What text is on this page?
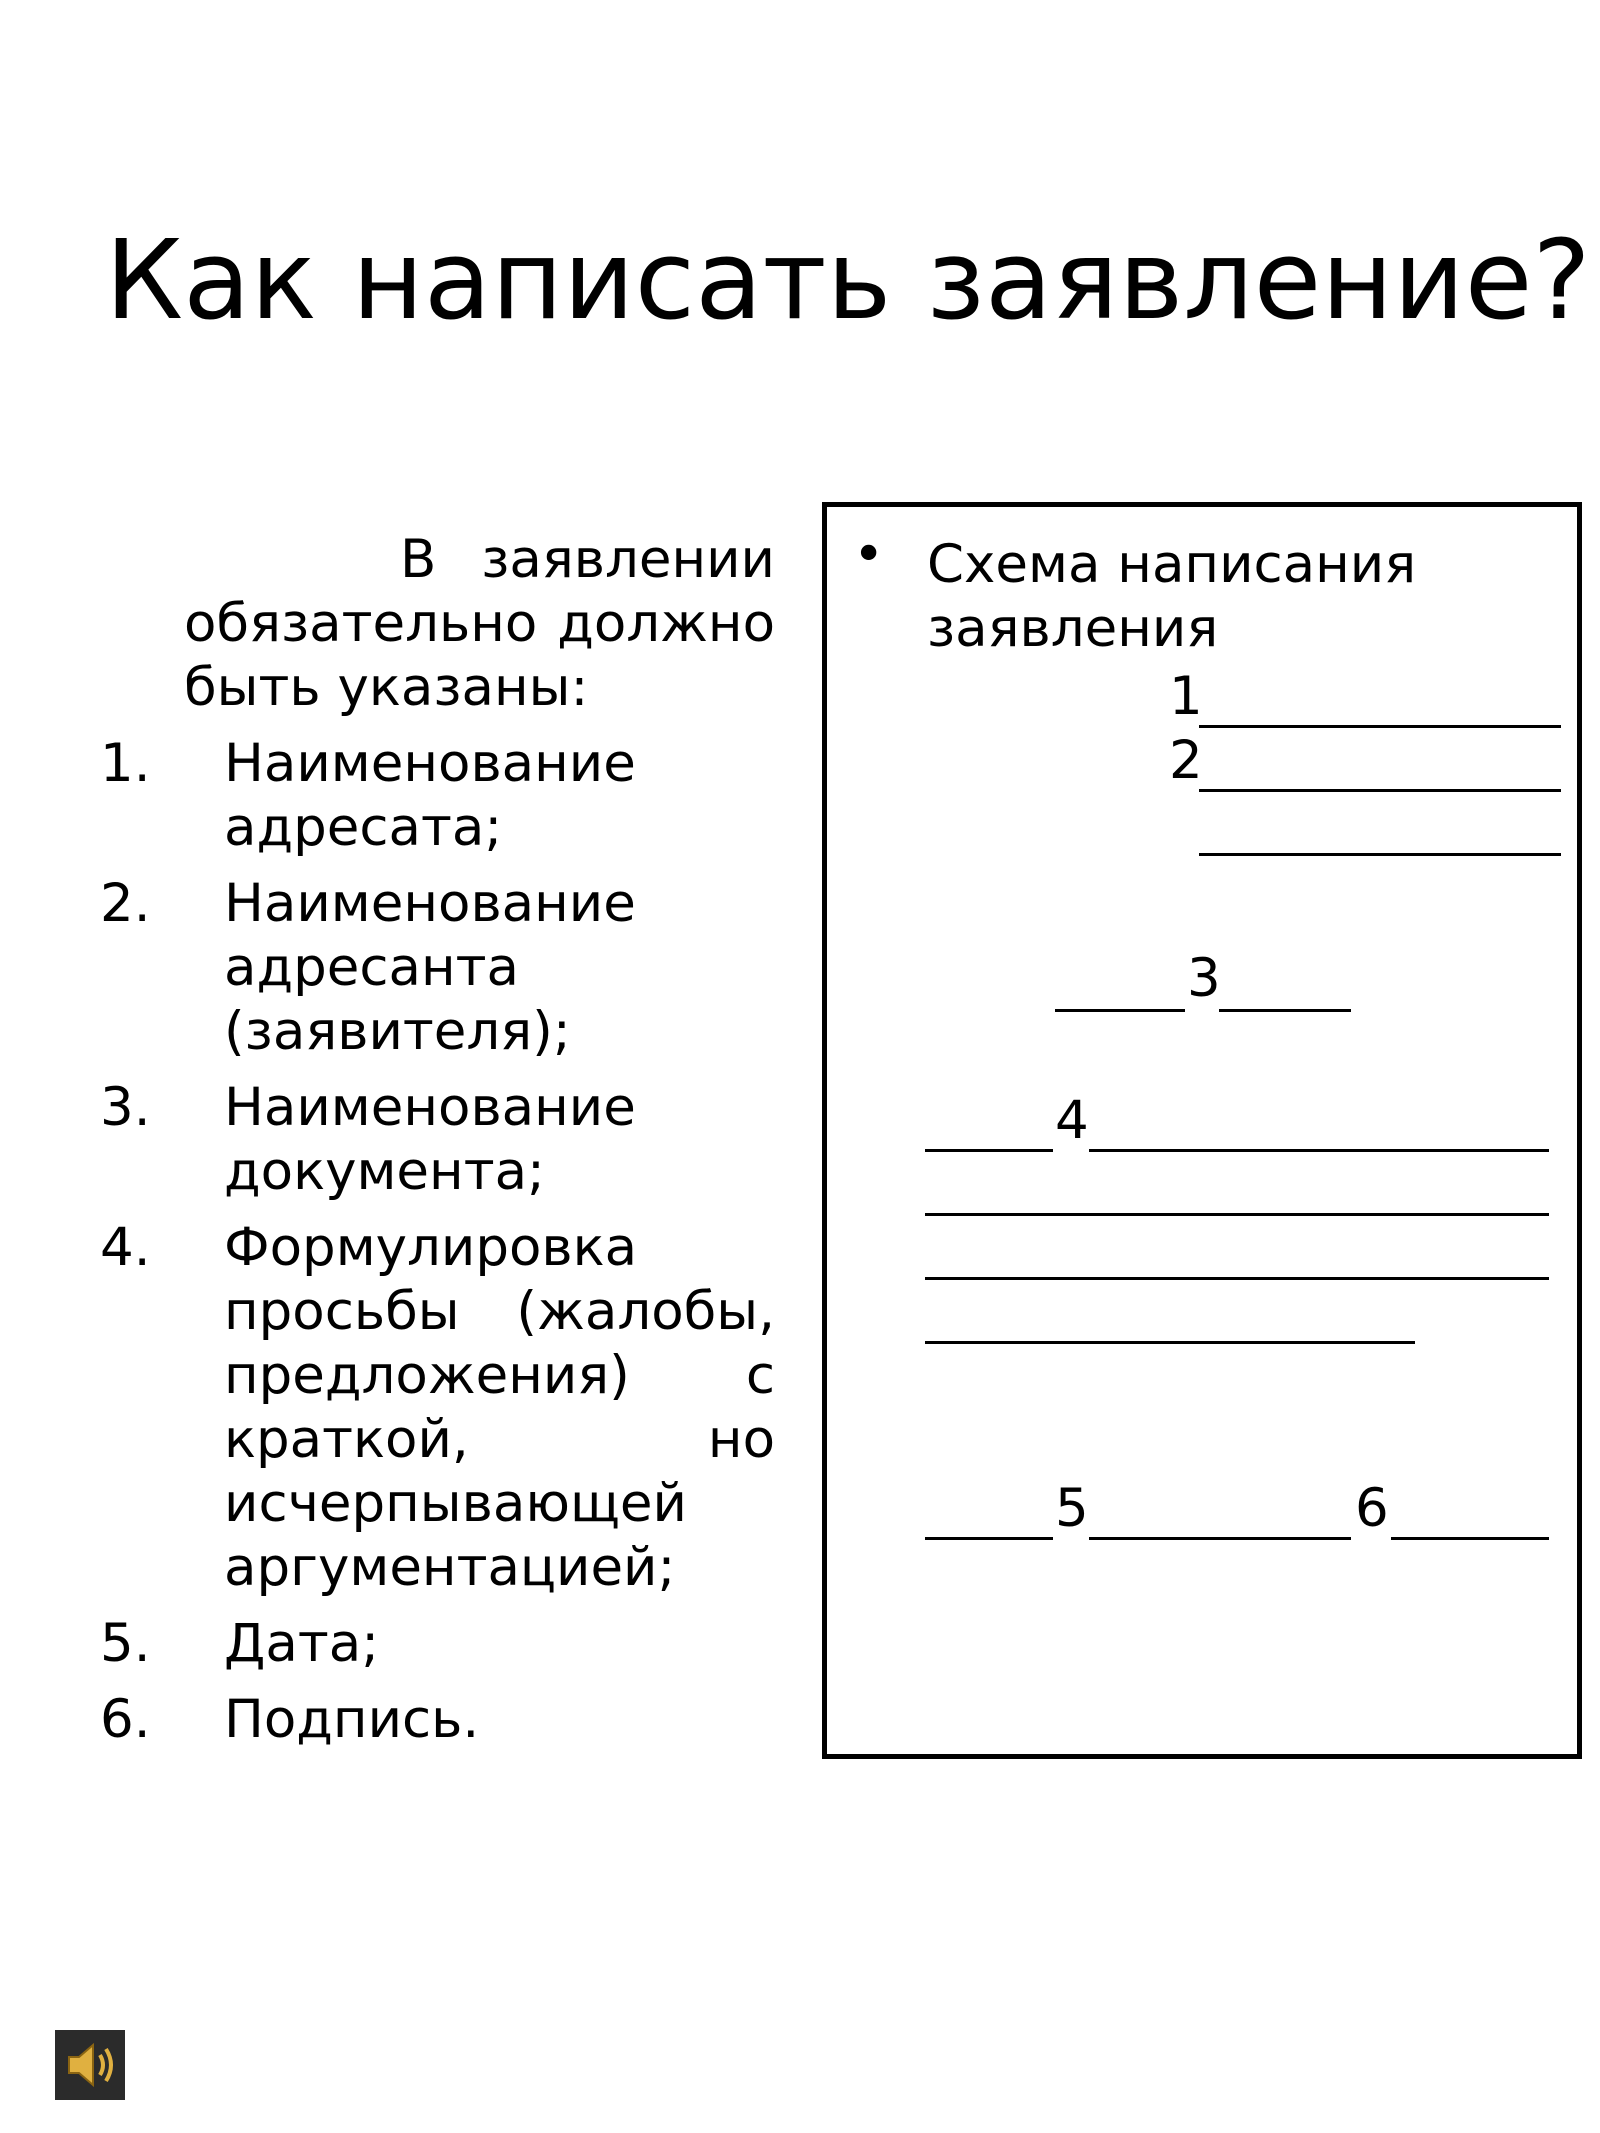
Как написать заявление?

В заявлении обязательно должно быть указаны:

1. Наименование адресата;
2. Наименование адресанта (заявителя);
3. Наименование документа;
4. Формулировка просьбы (жалобы, предложения) с краткой, но исчерпывающей аргументацией;
5. Дата;
6. Подпись.
• Схема написания заявления
1
2
3
4
5	6
